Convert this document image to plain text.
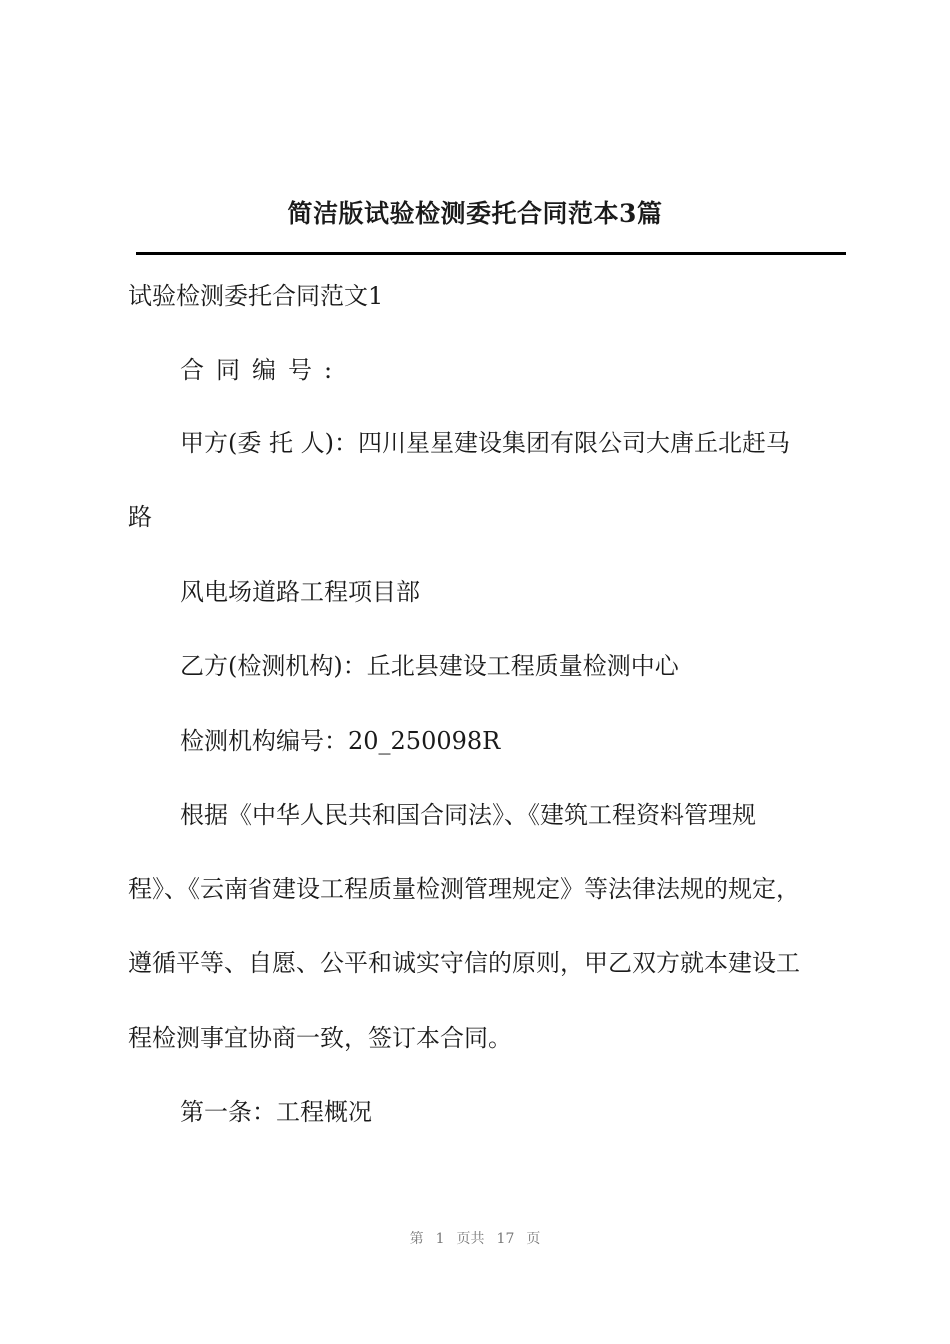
简洁版试验检测委托合同范本3篇
试验检测委托合同范文1
合同编号:
甲方(委 托 人)：四川星星建设集团有限公司大唐丘北赶马
路
风电场道路工程项目部
乙方(检测机构)：丘北县建设工程质量检测中心
检测机构编号：20_250098R
根据《中华人民共和国合同法》、《建筑工程资料管理规
程》、《云南省建设工程质量检测管理规定》等法律法规的规定，
遵循平等、自愿、公平和诚实守信的原则，甲乙双方就本建设工
程检测事宜协商一致，签订本合同。
第一条：工程概况
第 1 页共 17 页
